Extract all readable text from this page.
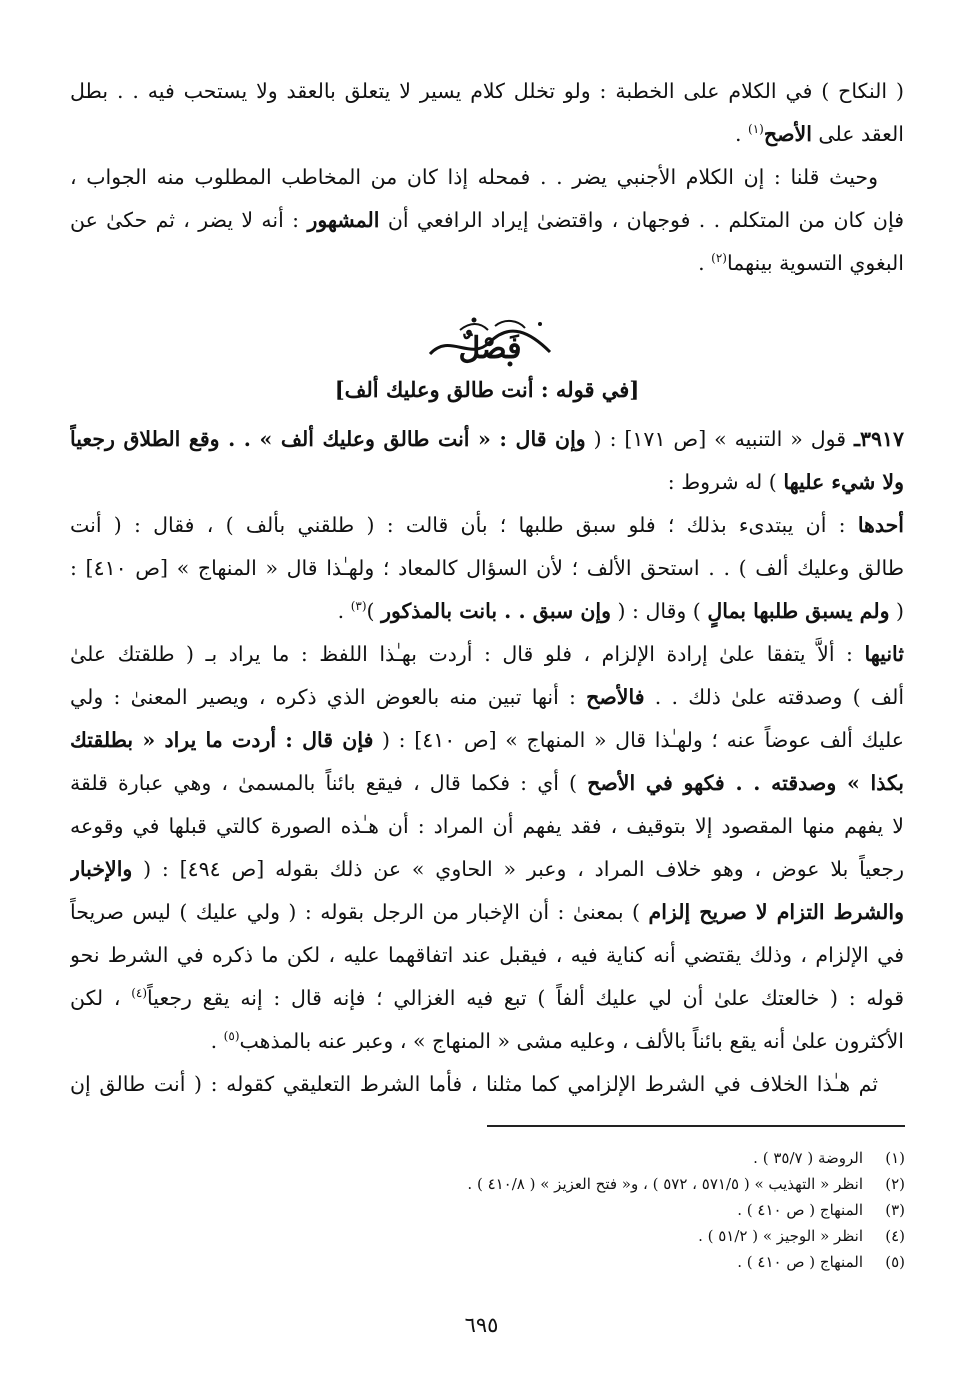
( النكاح ) في الكلام على الخطبة : ولو تخلل كلام يسير لا يتعلق بالعقد ولا يستحب فيه . . بطل
العقد على الأصح$^{(١)}$ .
وحيث قلنا : إن الكلام الأجنبي يضر . . فمحله إذا كان من المخاطب المطلوب منه الجواب ،
فإن كان من المتكلم . . فوجهان ، واقتضىٰ إيراد الرافعي أن المشهور : أنه لا يضر ، ثم حكىٰ عن
البغوي التسوية بينهما$^{(٢)}$ .
فَصْلٌ
[في قوله : أنت طالق وعليك ألف]
٣٩١٧ـ قول « التنبيه » [ص ١٧١] : ( وإن قال : « أنت طالق وعليك ألف » . . وقع الطلاق رجعياً
ولا شيء عليها ) له شروط :
أحدها : أن يبتدىء بذلك ؛ فلو سبق طلبها ؛ بأن قالت : ( طلقني بألف ) ، فقال : ( أنت
طالق وعليك ألف ) . . استحق الألف ؛ لأن السؤال كالمعاد ؛ ولهـٰذا قال « المنهاج » [ص ٤١٠] :
( ولم يسبق طلبها بمالٍ ) وقال : ( وإن سبق . . بانت بالمذكور )$^{(٣)}$ .
ثانيها : ألاَّ يتفقا علىٰ إرادة الإلزام ، فلو قال : أردت بهـٰذا اللفظ : ما يراد بـ ( طلقتك علىٰ
ألف ) وصدقته علىٰ ذلك . . فالأصح : أنها تبين منه بالعوض الذي ذكره ، ويصير المعنىٰ : ولي
عليك ألف عوضاً عنه ؛ ولهـٰذا قال « المنهاج » [ص ٤١٠] : ( فإن قال : أردت ما يراد « بطلقتك
بكذا » وصدقته . . فكهو في الأصح ) أي : فكما قال ، فيقع بائناً بالمسمىٰ ، وهي عبارة قلقة
لا يفهم منها المقصود إلا بتوقيف ، فقد يفهم أن المراد : أن هـٰذه الصورة كالتي قبلها في وقوعه
رجعياً بلا عوض ، وهو خلاف المراد ، وعبر « الحاوي » عن ذلك بقوله [ص ٤٩٤] : ( والإخبار
والشرط التزام لا صريح إلزام ) بمعنىٰ : أن الإخبار من الرجل بقوله : ( ولي عليك ) ليس صريحاً
في الإلزام ، وذلك يقتضي أنه كناية فيه ، فيقبل عند اتفاقهما عليه ، لكن ما ذكره في الشرط نحو
قوله : ( خالعتك علىٰ أن لي عليك ألفاً ) تبع فيه الغزالي ؛ فإنه قال : إنه يقع رجعياً$^{(٤)}$ ، لكن
الأكثرون علىٰ أنه يقع بائناً بالألف ، وعليه مشى « المنهاج » ، وعبر عنه بالمذهب$^{(٥)}$ .
ثم هـٰذا الخلاف في الشرط الإلزامي كما مثلنا ، فأما الشرط التعليقي كقوله : ( أنت طالق إن
(١)
الروضة ( ٣٥/٧ ) .
(٢)
انظر « التهذيب » ( ٥٧١/٥ ، ٥٧٢ ) ، و« فتح العزيز » ( ٤١٠/٨ ) .
(٣)
المنهاج ( ص ٤١٠ ) .
(٤)
انظر « الوجيز » ( ٥١/٢ ) .
(٥)
المنهاج ( ص ٤١٠ ) .
٦٩٥
